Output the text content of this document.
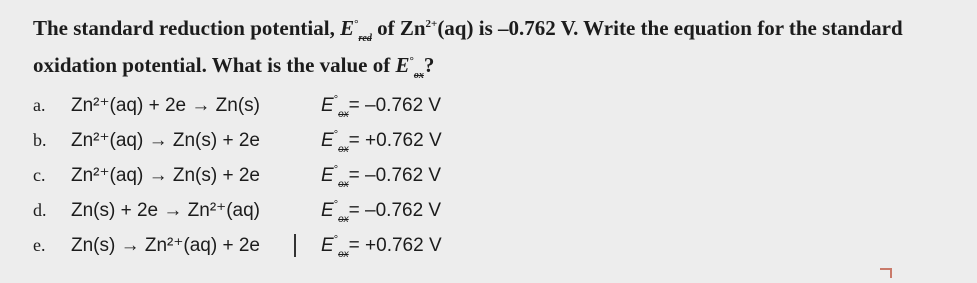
The standard reduction potential, $E^\circ_{red}$ of $Zn^{2+}(aq)$ is –0.762 V. Write the equation for the standard oxidation potential. What is the value of $E^\circ_{ox}$?
a.	Zn²⁺(aq) + 2e → Zn(s)	$E^\circ_{ox}= -0.762$ V
b.	Zn²⁺(aq) → Zn(s) + 2e	$E^\circ_{ox}= +0.762$ V
c.	Zn²⁺(aq) → Zn(s) + 2e	$E^\circ_{ox}= -0.762$ V
d.	Zn(s) + 2e → Zn²⁺(aq)	$E^\circ_{ox}= -0.762$ V
e.	Zn(s) → Zn²⁺(aq) + 2e	$E^\circ_{ox}= +0.762$ V
